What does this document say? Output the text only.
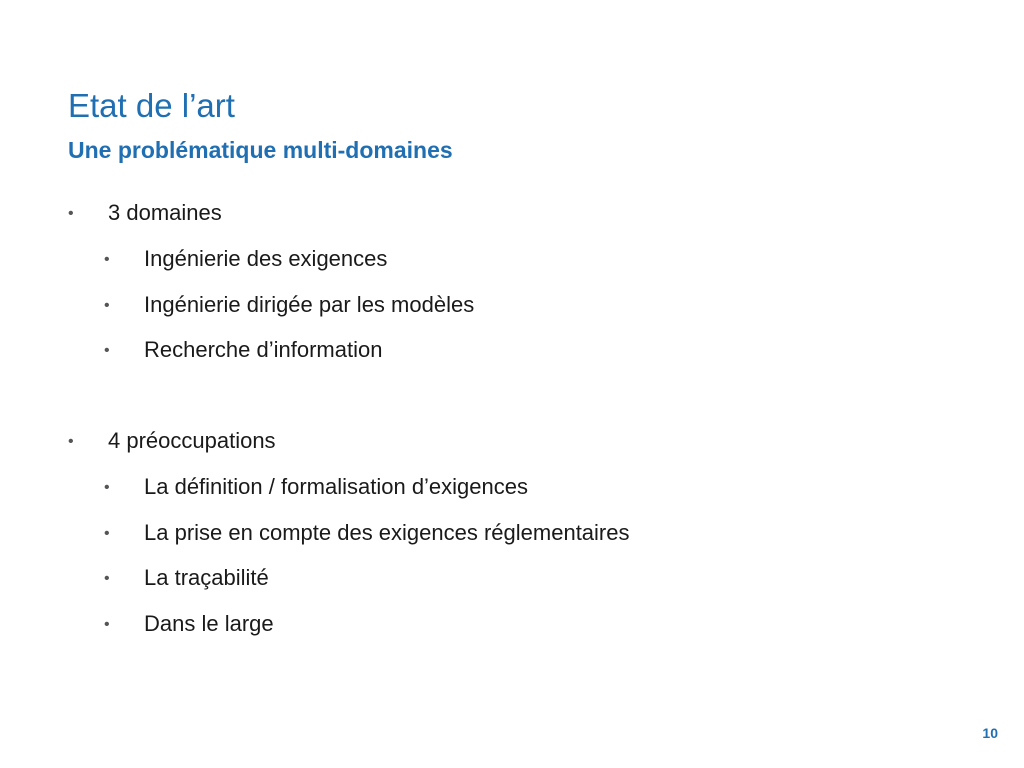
Etat de l’art
Une problématique multi-domaines
• 3 domaines
• Ingénierie des exigences
• Ingénierie dirigée par les modèles
• Recherche d’information
• 4 préoccupations
• La définition / formalisation d’exigences
• La prise en compte des exigences réglementaires
• La traçabilité
• Dans le large
10
